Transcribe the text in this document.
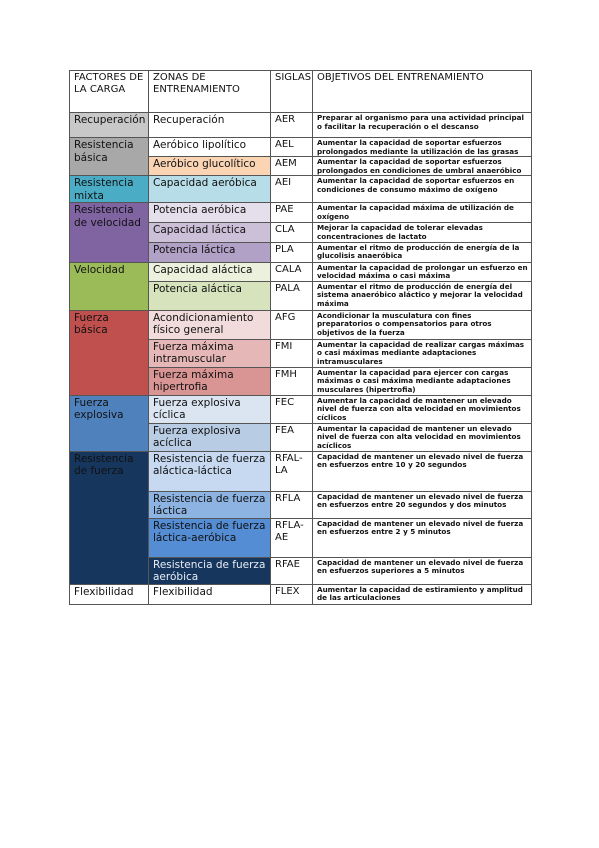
FACTORES DE LA CARGA	ZONAS DE ENTRENAMIENTO	SIGLAS	OBJETIVOS DEL ENTRENAMIENTO
Recuperación	Recuperación	AER	Preparar al organismo para una actividad principal o facilitar la recuperación o el descanso
Resistencia básica	Aeróbico lipolítico	AEL	Aumentar la capacidad de soportar esfuerzos prolongados mediante la utilización de las grasas
	Aeróbico glucolítico	AEM	Aumentar la capacidad de soportar esfuerzos prolongados en condiciones de umbral anaeróbico
Resistencia mixta	Capacidad aeróbica	AEI	Aumentar la capacidad de soportar esfuerzos en condiciones de consumo máximo de oxígeno
Resistencia de velocidad	Potencia aeróbica	PAE	Aumentar la capacidad máxima de utilización de oxígeno
	Capacidad láctica	CLA	Mejorar la capacidad de tolerar elevadas concentraciones de lactato
	Potencia láctica	PLA	Aumentar el ritmo de producción de energía de la glucolisis anaeróbica
Velocidad	Capacidad aláctica	CALA	Aumentar la capacidad de prolongar un esfuerzo en velocidad máxima o casi máxima
	Potencia aláctica	PALA	Aumentar el ritmo de producción de energía del sistema anaeróbico aláctico y mejorar la velocidad máxima
Fuerza básica	Acondicionamiento físico general	AFG	Acondicionar la musculatura con fines preparatorios o compensatorios para otros objetivos de la fuerza
	Fuerza máxima intramuscular	FMI	Aumentar la capacidad de realizar cargas máximas o casi máximas mediante adaptaciones intramusculares
	Fuerza máxima hipertrofia	FMH	Aumentar la capacidad para ejercer con cargas máximas o casi máxima mediante adaptaciones musculares (hipertrofia)
Fuerza explosiva	Fuerza explosiva cíclica	FEC	Aumentar la capacidad de mantener un elevado nivel de fuerza con alta velocidad en movimientos cíclicos
	Fuerza explosiva acíclica	FEA	Aumentar la capacidad de mantener un elevado nivel de fuerza con alta velocidad en movimientos acíclicos
Resistencia de fuerza	Resistencia de fuerza aláctica-láctica	RFAL-LA	Capacidad de mantener un elevado nivel de fuerza en esfuerzos entre 10 y 20 segundos
	Resistencia de fuerza láctica	RFLA	Capacidad de mantener un elevado nivel de fuerza en esfuerzos entre 20 segundos y dos minutos
	Resistencia de fuerza láctica-aeróbica	RFLA-AE	Capacidad de mantener un elevado nivel de fuerza en esfuerzos entre 2 y 5 minutos
	Resistencia de fuerza aeróbica	RFAE	Capacidad de mantener un elevado nivel de fuerza en esfuerzos superiores a 5 minutos
Flexibilidad	Flexibilidad	FLEX	Aumentar la capacidad de estiramiento y amplitud de las articulaciones
